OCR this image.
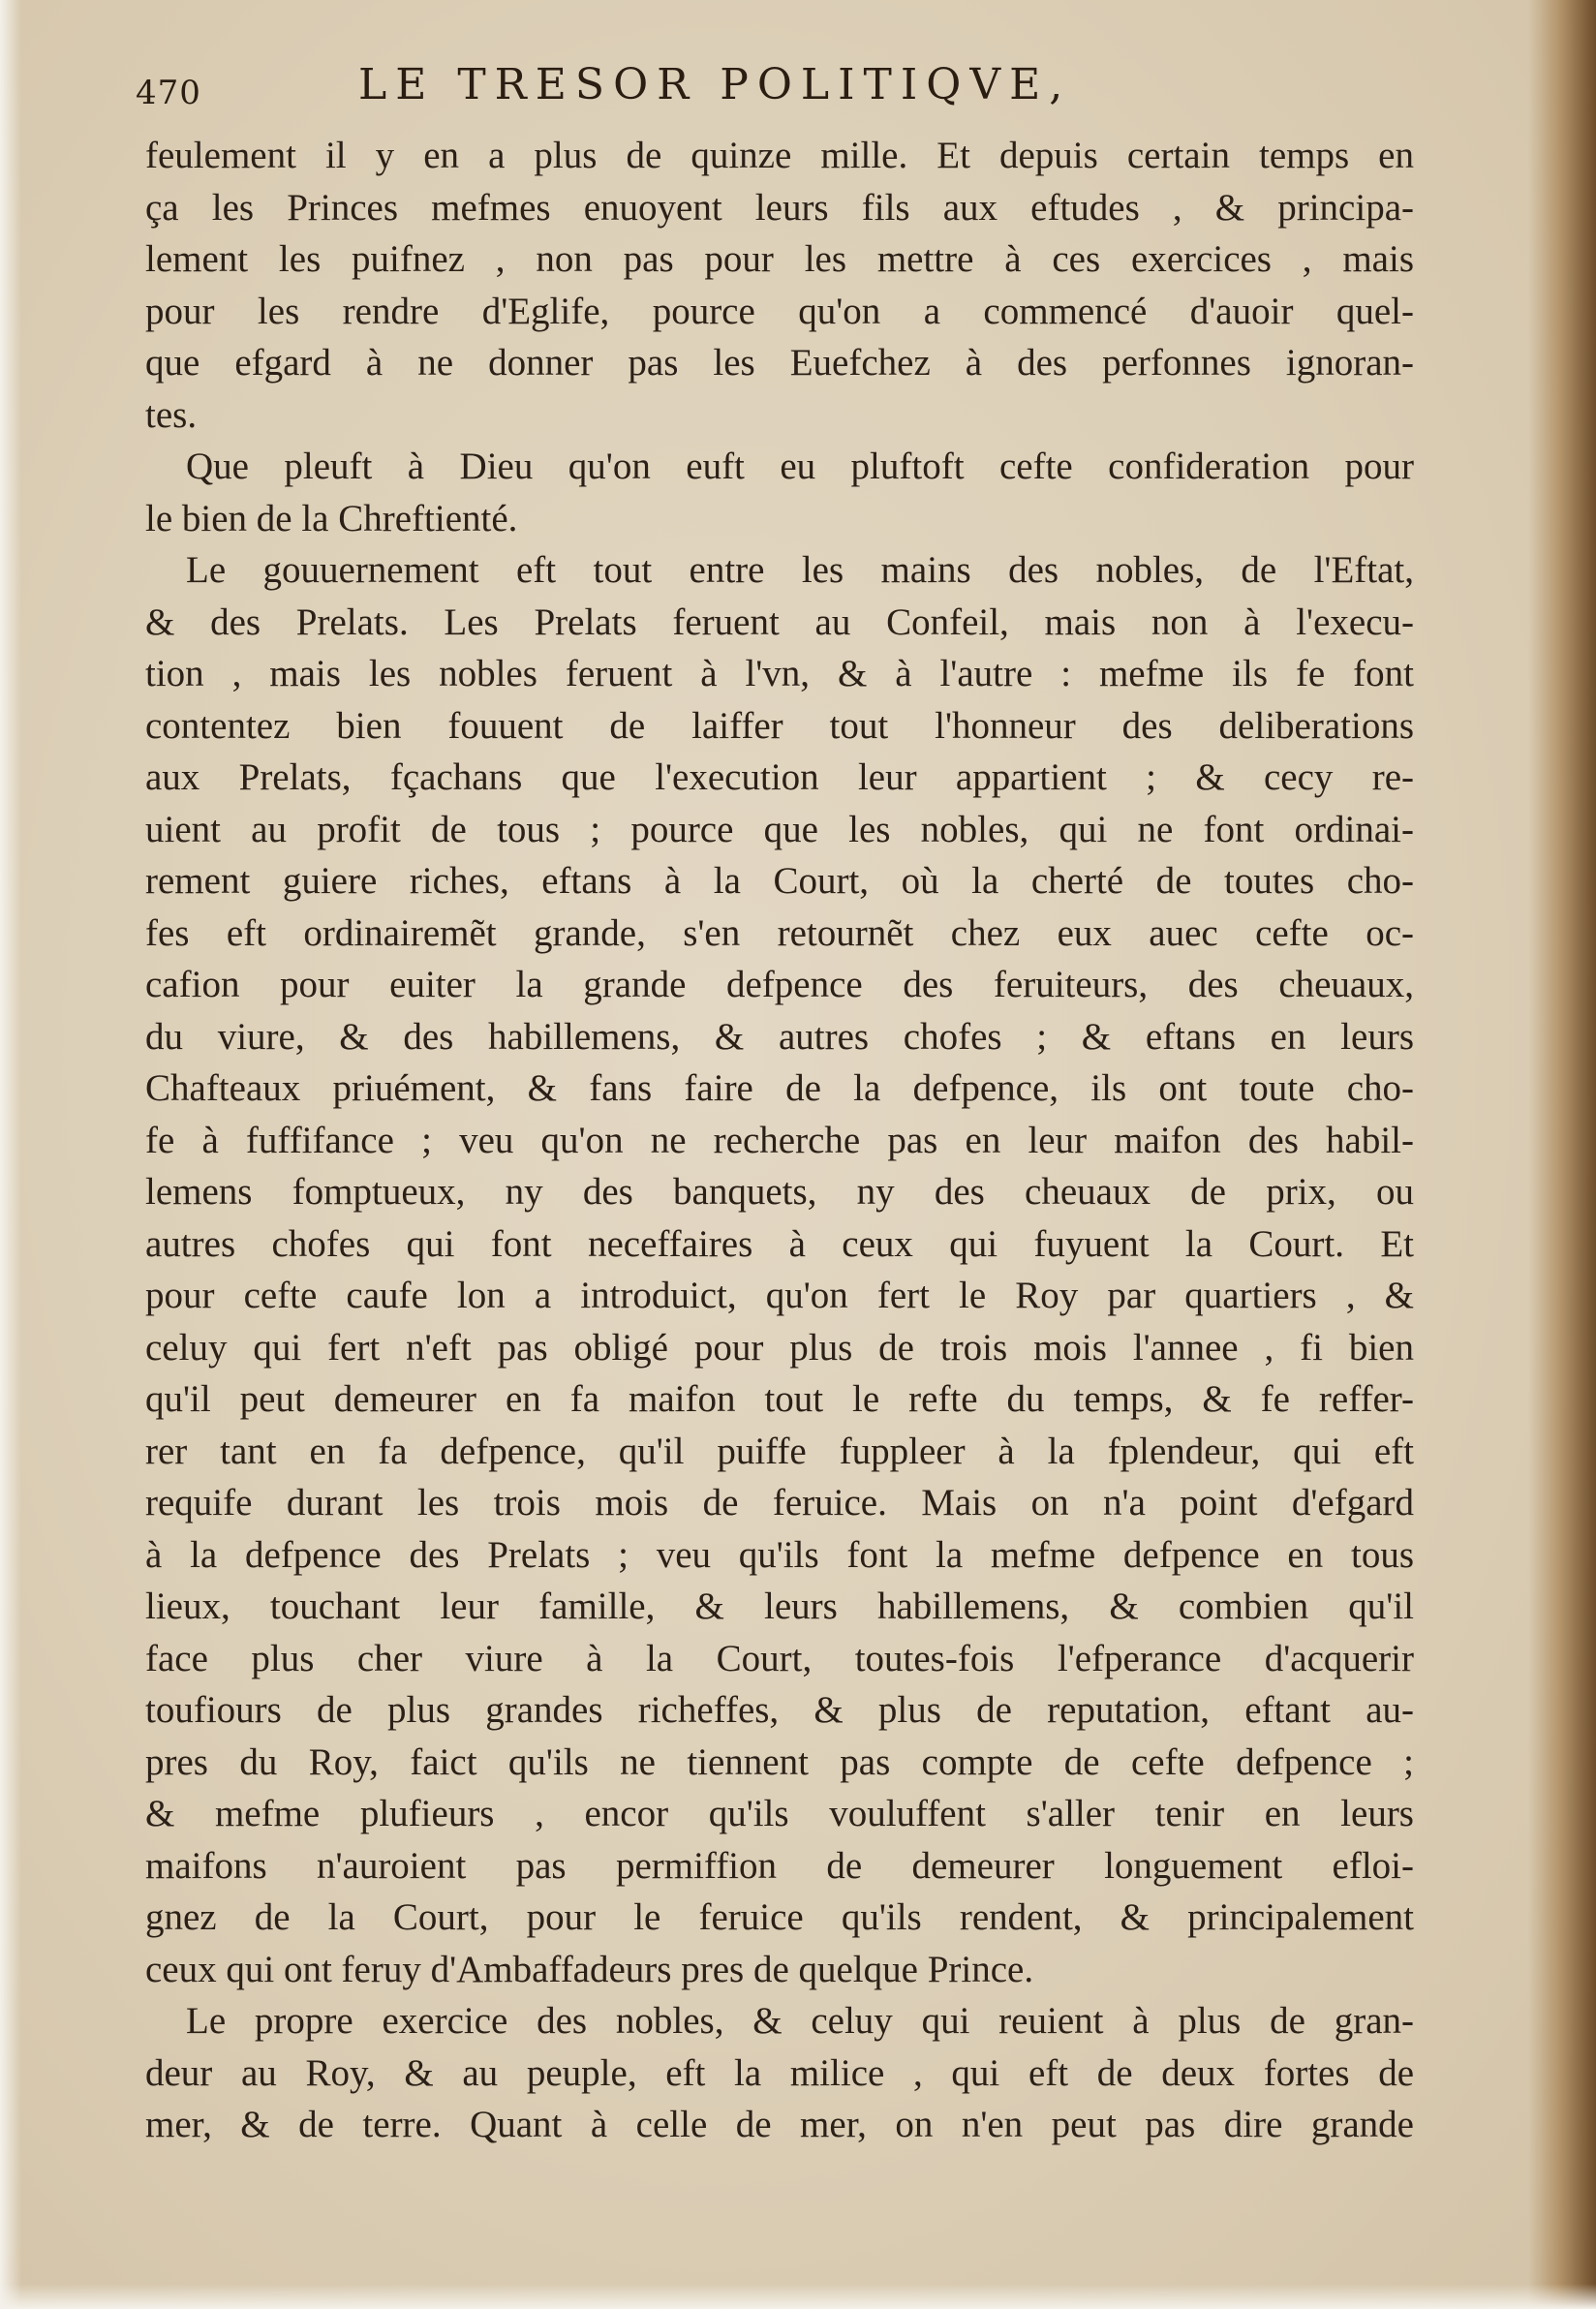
470	LE TRESOR POLITIQVE,
feulement il y en a plus de quinze mille. Et depuis certain temps en
ça les Princes mefmes enuoyent leurs fils aux eftudes , & principa-
lement les puifnez , non pas pour les mettre à ces exercices , mais
pour les rendre d'Eglife, pource qu'on a commencé d'auoir quel-
que efgard à ne donner pas les Euefchez à des perfonnes ignoran-
tes.
Que pleuft à Dieu qu'on euft eu pluftoft cefte confideration pour
le bien de la Chreftienté.
Le gouuernement eft tout entre les mains des nobles, de l'Eftat,
& des Prelats. Les Prelats feruent au Confeil, mais non à l'execu-
tion , mais les nobles feruent à l'vn, & à l'autre : mefme ils fe font
contentez bien fouuent de laiffer tout l'honneur des deliberations
aux Prelats, fçachans que l'execution leur appartient ; & cecy re-
uient au profit de tous ; pource que les nobles, qui ne font ordinai-
rement guiere riches, eftans à la Court, où la cherté de toutes cho-
fes eft ordinairemẽt grande, s'en retournẽt chez eux auec cefte oc-
cafion pour euiter la grande defpence des feruiteurs, des cheuaux,
du viure, & des habillemens, & autres chofes ; & eftans en leurs
Chafteaux priuément, & fans faire de la defpence, ils ont toute cho-
fe à fuffifance ; veu qu'on ne recherche pas en leur maifon des habil-
lemens fomptueux, ny des banquets, ny des cheuaux de prix, ou
autres chofes qui font neceffaires à ceux qui fuyuent la Court. Et
pour cefte caufe lon a introduict, qu'on fert le Roy par quartiers , &
celuy qui fert n'eft pas obligé pour plus de trois mois l'annee , fi bien
qu'il peut demeurer en fa maifon tout le refte du temps, & fe reffer-
rer tant en fa defpence, qu'il puiffe fuppleer à la fplendeur, qui eft
requife durant les trois mois de feruice. Mais on n'a point d'efgard
à la defpence des Prelats ; veu qu'ils font la mefme defpence en tous
lieux, touchant leur famille, & leurs habillemens, & combien qu'il
face plus cher viure à la Court, toutes-fois l'efperance d'acquerir
toufiours de plus grandes richeffes, & plus de reputation, eftant au-
pres du Roy, faict qu'ils ne tiennent pas compte de cefte defpence ;
& mefme plufieurs , encor qu'ils vouluffent s'aller tenir en leurs
maifons n'auroient pas permiffion de demeurer longuement efloi-
gnez de la Court, pour le feruice qu'ils rendent, & principalement
ceux qui ont feruy d'Ambaffadeurs pres de quelque Prince.
Le propre exercice des nobles, & celuy qui reuient à plus de gran-
deur au Roy, & au peuple, eft la milice , qui eft de deux fortes de
mer, & de terre. Quant à celle de mer, on n'en peut pas dire grande
